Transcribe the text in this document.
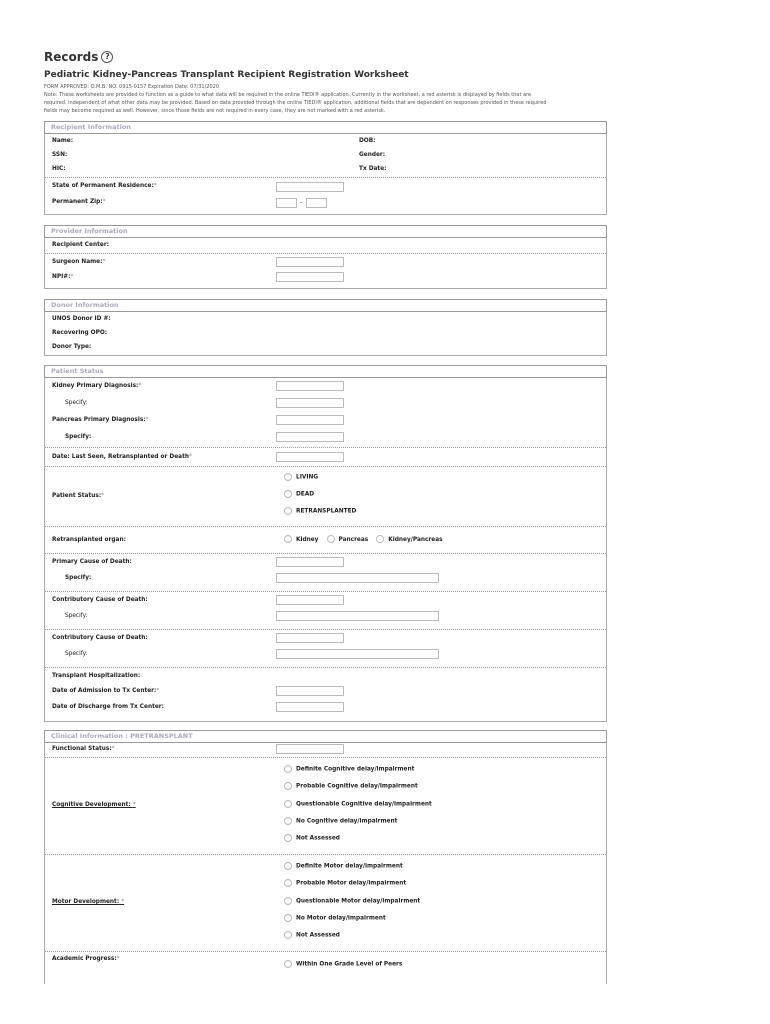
Records ?
Pediatric Kidney-Pancreas Transplant Recipient Registration Worksheet
FORM APPROVED: O.M.B. NO. 0915-0157 Expiration Date: 07/31/2020
Note: These worksheets are provided to function as a guide to what data will be required in the online TIEDI® application. Currently in the worksheet, a red asterisk is displayed by fields that are
required, independent of what other data may be provided. Based on data provided through the online TIEDI® application, additional fields that are dependent on responses provided in these required
fields may become required as well. However, since those fields are not required in every case, they are not marked with a red asterisk.
Recipient Information
Name:	DOB:
SSN:	Gender:
HIC:	Tx Date:
State of Permanent Residence:*
Permanent Zip:*	-
Provider Information
Recipient Center:
Surgeon Name:*
NPI#:*
Donor Information
UNOS Donor ID #:
Recovering OPO:
Donor Type:
Patient Status
Kidney Primary Diagnosis:*
Specify:
Pancreas Primary Diagnosis:*
Specify:
Date: Last Seen, Retransplanted or Death*
Patient Status:*
LIVING
DEAD
RETRANSPLANTED
Retransplanted organ:	Kidney	Pancreas	Kidney/Pancreas
Primary Cause of Death:
Specify:
Contributory Cause of Death:
Specify:
Contributory Cause of Death:
Specify:
Transplant Hospitalization:
Date of Admission to Tx Center:*
Date of Discharge from Tx Center:
Clinical Information : PRETRANSPLANT
Functional Status:*
Cognitive Development: *
Definite Cognitive delay/impairment
Probable Cognitive delay/impairment
Questionable Cognitive delay/impairment
No Cognitive delay/impairment
Not Assessed
Motor Development: *
Definite Motor delay/impairment
Probable Motor delay/impairment
Questionable Motor delay/impairment
No Motor delay/impairment
Not Assessed
Academic Progress:*
Within One Grade Level of Peers
